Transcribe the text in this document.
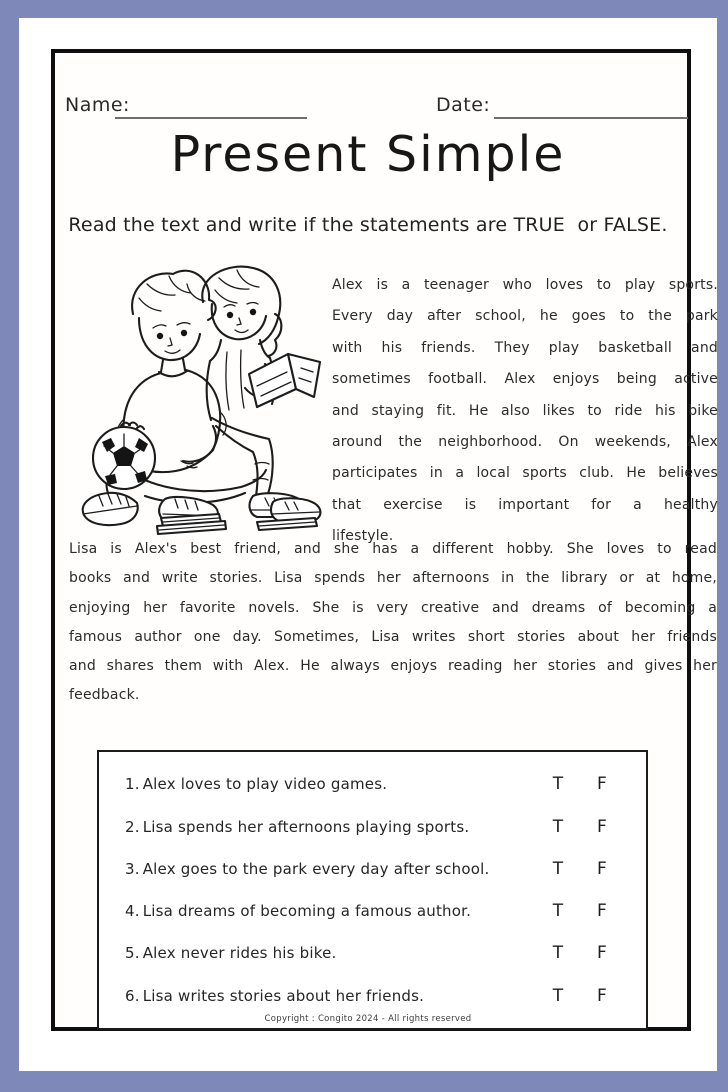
Name:	Date:
Present Simple
Read the text and write if the statements are TRUE  or FALSE.
Alex is a teenager who loves to play sports.
Every day after school, he goes to the park
with his friends. They play basketball and
sometimes football. Alex enjoys being active
and staying fit. He also likes to ride his bike
around the neighborhood. On weekends, Alex
participates in a local sports club. He believes
that exercise is important for a healthy
lifestyle.
Lisa is Alex's best friend, and she has a different hobby. She loves to read
books and write stories. Lisa spends her afternoons in the library or at home,
enjoying her favorite novels. She is very creative and dreams of becoming a
famous author one day. Sometimes, Lisa writes short stories about her friends
and shares them with Alex. He always enjoys reading her stories and gives her
feedback.
1. Alex loves to play video games.	T	F
2. Lisa spends her afternoons playing sports.	T	F
3. Alex goes to the park every day after school.	T	F
4. Lisa dreams of becoming a famous author.	T	F
5. Alex never rides his bike.	T	F
6. Lisa writes stories about her friends.	T	F
Copyright : Congito 2024 - All rights reserved
